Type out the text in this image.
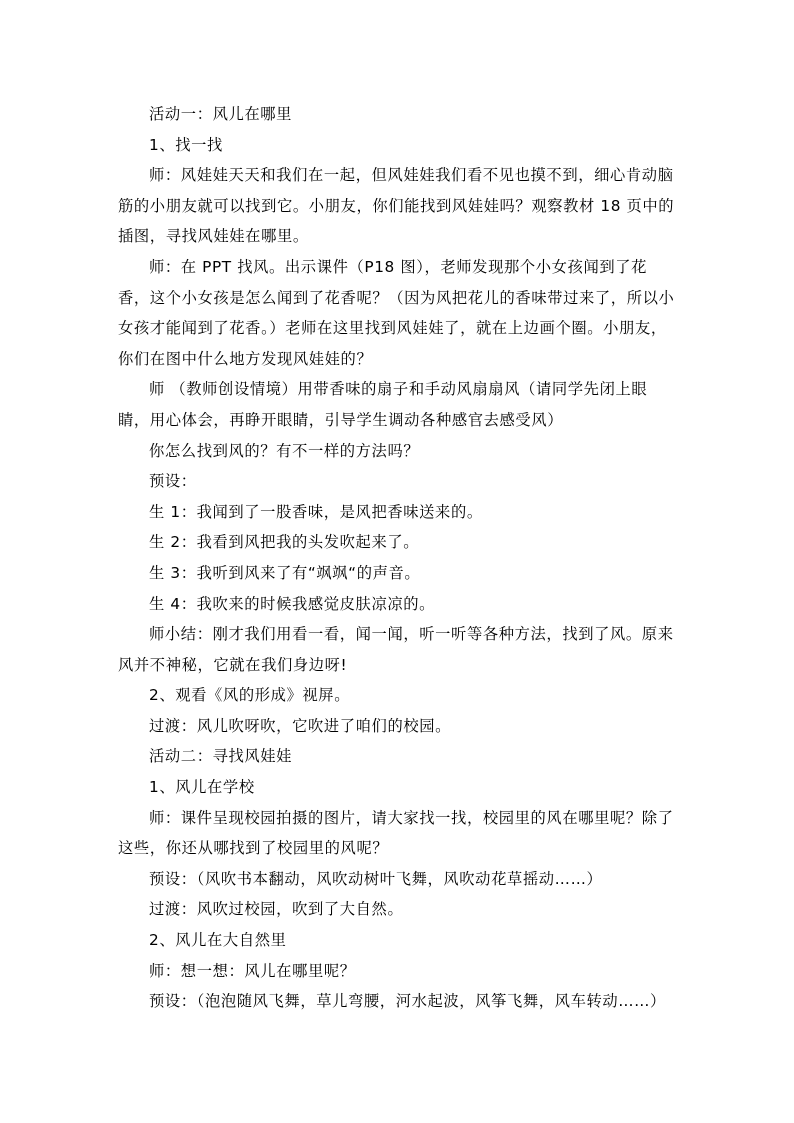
活动一：风儿在哪里

1、找一找

师：风娃娃天天和我们在一起，但风娃娃我们看不见也摸不到，细心肯动脑筋的小朋友就可以找到它。小朋友，你们能找到风娃娃吗？观察教材 18 页中的插图，寻找风娃娃在哪里。

师：在 PPT 找风。出示课件（P18 图），老师发现那个小女孩闻到了花香，这个小女孩是怎么闻到了花香呢？（因为风把花儿的香味带过来了，所以小女孩才能闻到了花香。）老师在这里找到风娃娃了，就在上边画个圈。小朋友，你们在图中什么地方发现风娃娃的？

师 （教师创设情境）用带香味的扇子和手动风扇扇风（请同学先闭上眼睛，用心体会，再睁开眼睛，引导学生调动各种感官去感受风）

你怎么找到风的？有不一样的方法吗？

预设：

生 1：我闻到了一股香味，是风把香味送来的。

生 2：我看到风把我的头发吹起来了。

生 3：我听到风来了有“飒飒“的声音。

生 4：我吹来的时候我感觉皮肤凉凉的。

师小结：刚才我们用看一看，闻一闻，听一听等各种方法，找到了风。原来风并不神秘，它就在我们身边呀!

2、观看《风的形成》视屏。

过渡：风儿吹呀吹，它吹进了咱们的校园。

活动二：寻找风娃娃

1、风儿在学校

师：课件呈现校园拍摄的图片，请大家找一找，校园里的风在哪里呢？除了这些，你还从哪找到了校园里的风呢？

预设：（风吹书本翻动，风吹动树叶飞舞，风吹动花草摇动……）

过渡：风吹过校园，吹到了大自然。

2、风儿在大自然里

师：想一想：风儿在哪里呢？

预设：（泡泡随风飞舞，草儿弯腰，河水起波，风筝飞舞，风车转动……）
